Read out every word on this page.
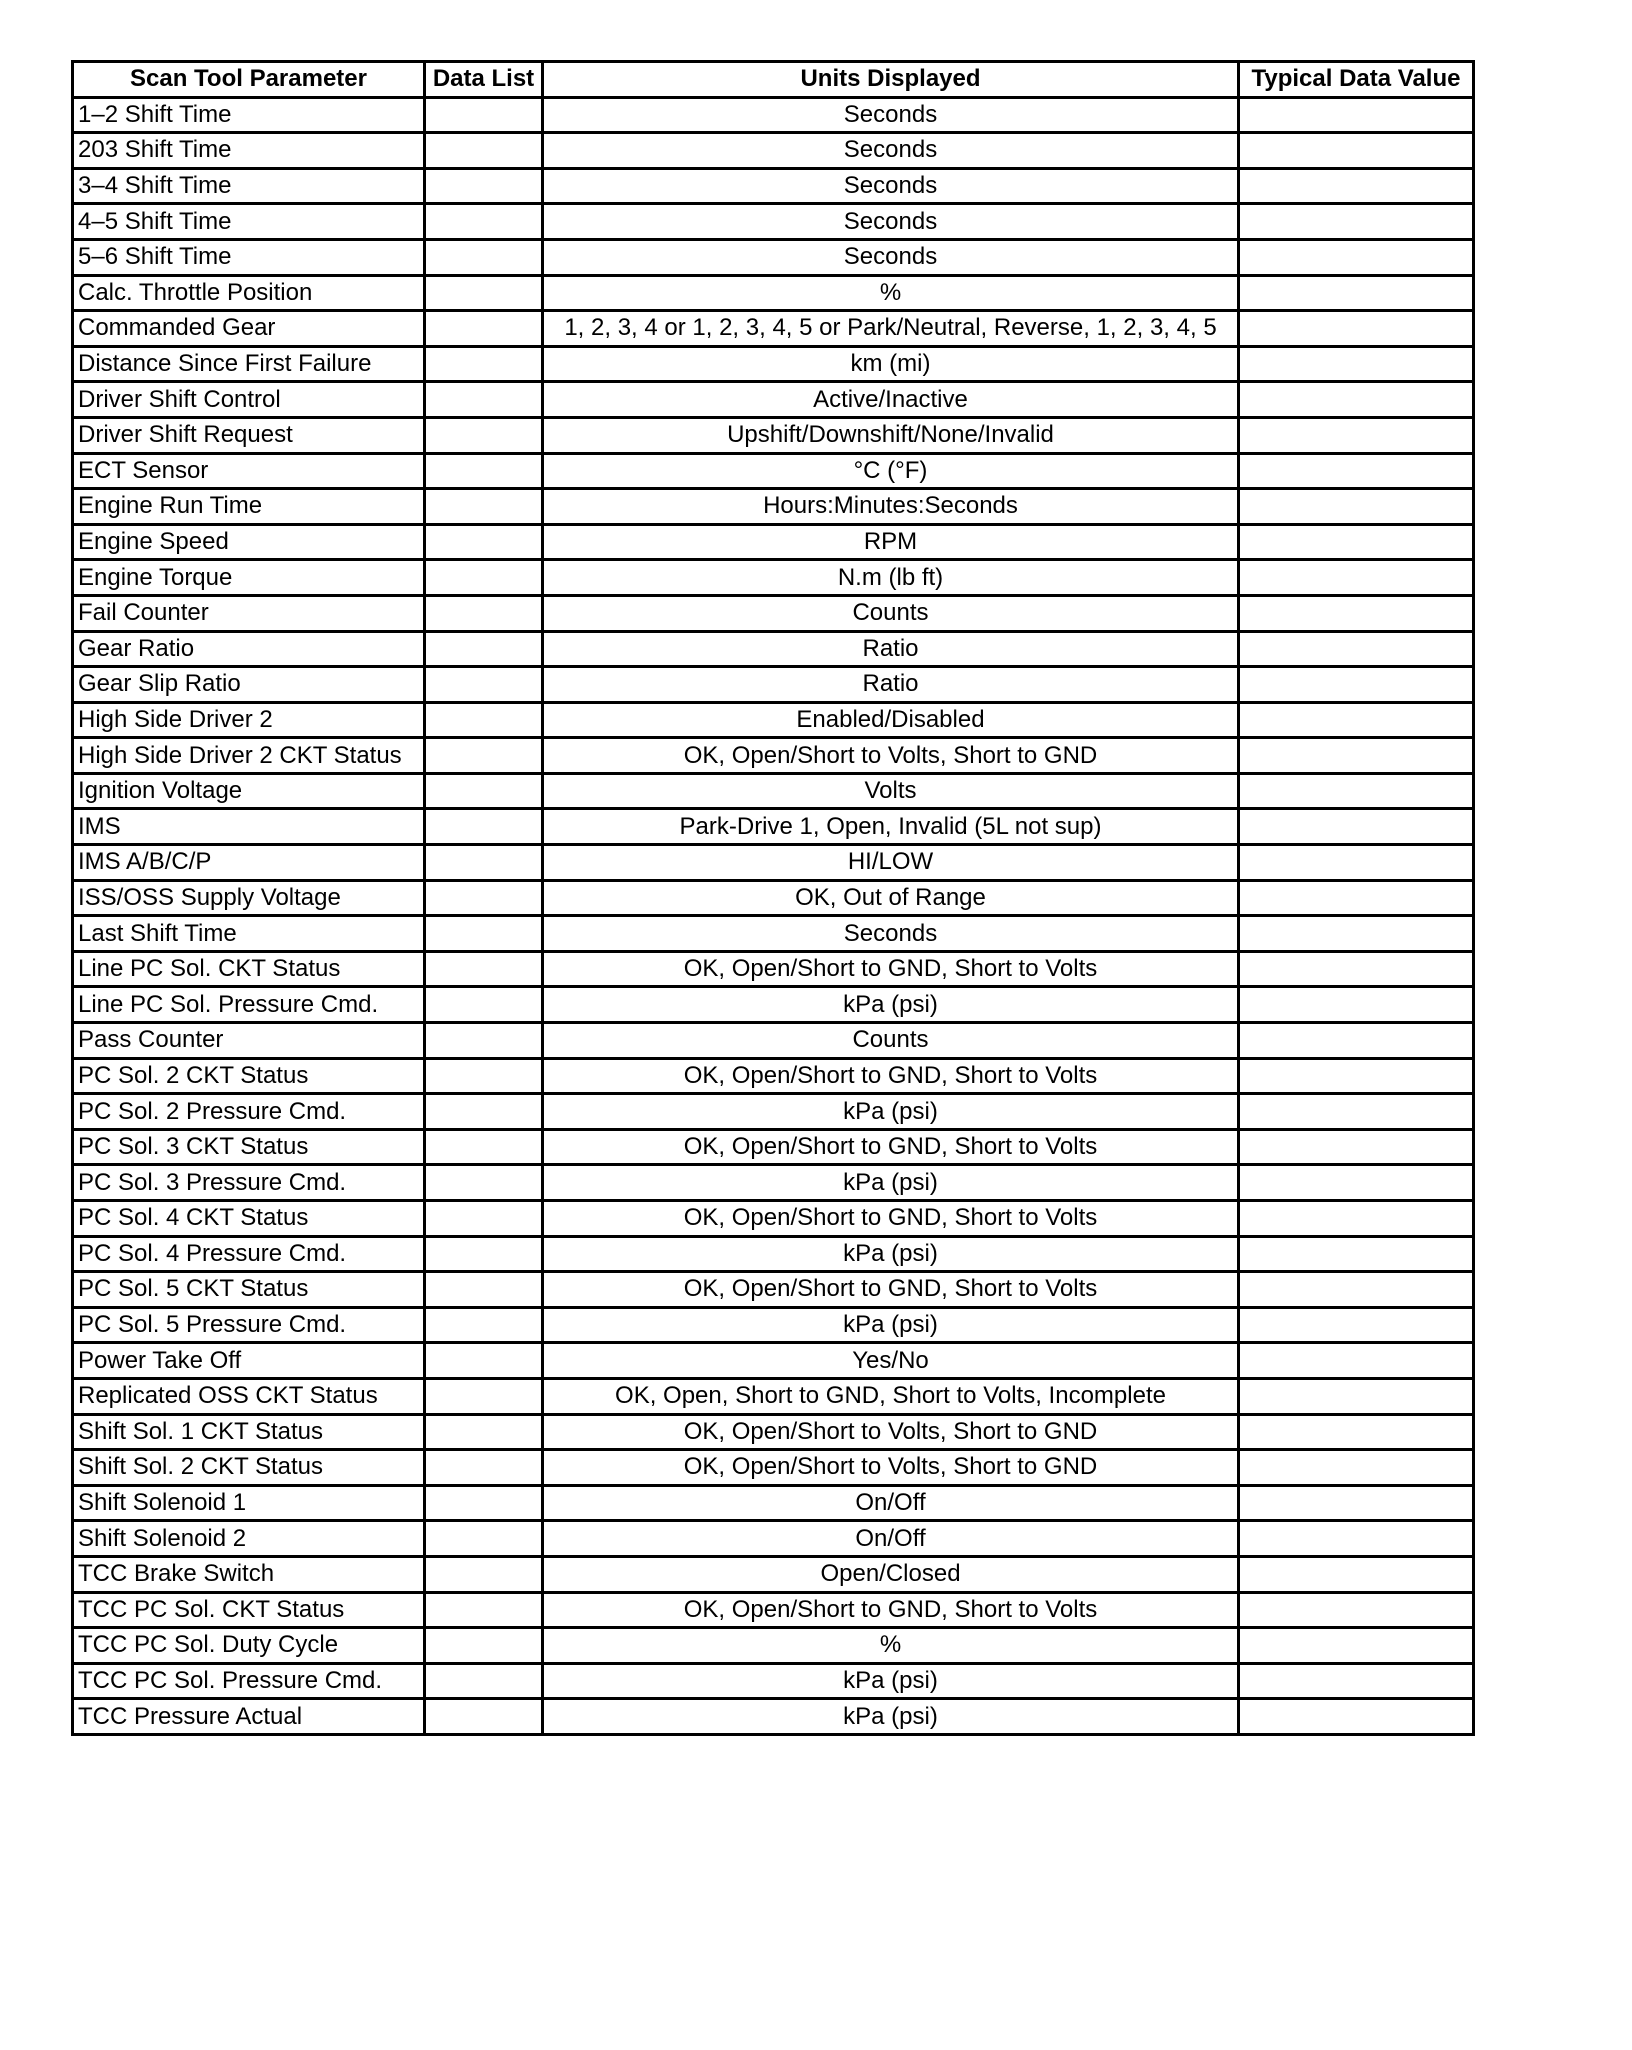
Scan Tool Parameter	Data List	Units Displayed	Typical Data Value
1–2 Shift Time		Seconds	
203 Shift Time		Seconds	
3–4 Shift Time		Seconds	
4–5 Shift Time		Seconds	
5–6 Shift Time		Seconds	
Calc. Throttle Position		%	
Commanded Gear		1, 2, 3, 4 or 1, 2, 3, 4, 5 or Park/Neutral, Reverse, 1, 2, 3, 4, 5	
Distance Since First Failure		km (mi)	
Driver Shift Control		Active/Inactive	
Driver Shift Request		Upshift/Downshift/None/Invalid	
ECT Sensor		°C (°F)	
Engine Run Time		Hours:Minutes:Seconds	
Engine Speed		RPM	
Engine Torque		N.m (lb ft)	
Fail Counter		Counts	
Gear Ratio		Ratio	
Gear Slip Ratio		Ratio	
High Side Driver 2		Enabled/Disabled	
High Side Driver 2 CKT Status		OK, Open/Short to Volts, Short to GND	
Ignition Voltage		Volts	
IMS		Park-Drive 1, Open, Invalid (5L not sup)	
IMS A/B/C/P		HI/LOW	
ISS/OSS Supply Voltage		OK, Out of Range	
Last Shift Time		Seconds	
Line PC Sol. CKT Status		OK, Open/Short to GND, Short to Volts	
Line PC Sol. Pressure Cmd.		kPa (psi)	
Pass Counter		Counts	
PC Sol. 2 CKT Status		OK, Open/Short to GND, Short to Volts	
PC Sol. 2 Pressure Cmd.		kPa (psi)	
PC Sol. 3 CKT Status		OK, Open/Short to GND, Short to Volts	
PC Sol. 3 Pressure Cmd.		kPa (psi)	
PC Sol. 4 CKT Status		OK, Open/Short to GND, Short to Volts	
PC Sol. 4 Pressure Cmd.		kPa (psi)	
PC Sol. 5 CKT Status		OK, Open/Short to GND, Short to Volts	
PC Sol. 5 Pressure Cmd.		kPa (psi)	
Power Take Off		Yes/No	
Replicated OSS CKT Status		OK, Open, Short to GND, Short to Volts, Incomplete	
Shift Sol. 1 CKT Status		OK, Open/Short to Volts, Short to GND	
Shift Sol. 2 CKT Status		OK, Open/Short to Volts, Short to GND	
Shift Solenoid 1		On/Off	
Shift Solenoid 2		On/Off	
TCC Brake Switch		Open/Closed	
TCC PC Sol. CKT Status		OK, Open/Short to GND, Short to Volts	
TCC PC Sol. Duty Cycle		%	
TCC PC Sol. Pressure Cmd.		kPa (psi)	
TCC Pressure Actual		kPa (psi)	
